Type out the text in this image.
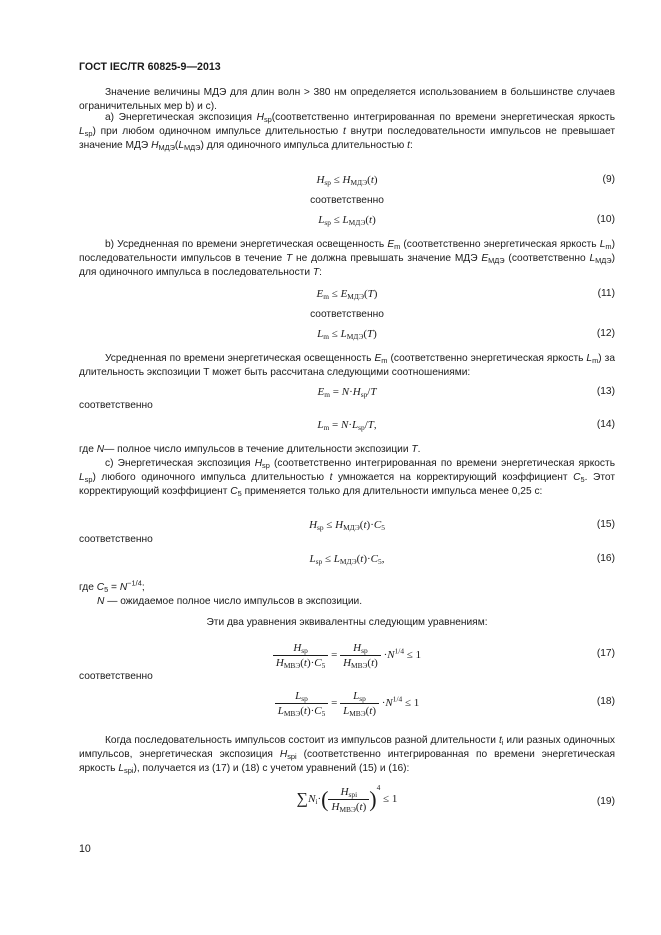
ГОСТ IEC/TR 60825-9—2013
Значение величины МДЭ для длин волн > 380 нм определяется использованием в большинстве случаев ограничительных мер b) и c).
а) Энергетическая экспозиция $H_{sp}(соответственно$ интегрированная по времени энергетическая яркость $L_{sp}$) при любом одиночном импульсе длительностью t внутри последовательности импульсов не превышает значение МДЭ $H_{МДЭ}(L_{МДЭ})$ для одиночного импульса длительностью t:
$H_{sp} \le H_{МДЭ}(t)$	(9)
соответственно
$L_{sp} \le L_{МДЭ}(t)$	(10)
b) Усредненная по времени энергетическая освещенность $E_m$ (соответственно энергетическая яркость $L_m$) последовательности импульсов в течение T не должна превышать значение МДЭ $E_{МДЭ}$ (соответственно $L_{МДЭ}$) для одиночного импульса в последовательности T:
$E_m \le E_{МДЭ}(T)$	(11)
соответственно
$L_m \le L_{МДЭ}(T)$	(12)
Усредненная по времени энергетическая освещенность $E_m$ (соответственно энергетическая яркость $L_m$) за длительность экспозиции T может быть рассчитана следующими соотношениями:
$E_m = N\cdot H_{sp}/T$	(13)
соответственно
$L_m = N\cdot L_{sp}/T$,	(14)
где N— полное число импульсов в течение длительности экспозиции T.
с) Энергетическая экспозиция $H_{sp}$ (соответственно интегрированная по времени энергетическая яркость $L_{sp}$) любого одиночного импульса длительностью t умножается на корректирующий коэффициент $C_5$. Этот корректирующий коэффициент $C_5$ применяется только для длительности импульса менее 0,25 с:
$H_{sp} \le H_{МДЭ}(t)\cdot C_5$	(15)
соответственно
$L_{sp} \le L_{МДЭ}(t)\cdot C_5$,	(16)
где $C_5 = N^{-1/4}$;
N — ожидаемое полное число импульсов в экспозиции.
Эти два уравнения эквивалентны следующим уравнениям:
$\frac{H_{sp}}{H_{МВЭ}(t)\cdot C_5} = \frac{H_{sp}}{H_{МВЭ}(t)} \cdot N^{1/4} \le 1$	(17)
соответственно
$\frac{L_{sp}}{L_{МВЭ}(t)\cdot C_5} = \frac{L_{sp}}{L_{МВЭ}(t)} \cdot N^{1/4} \le 1$	(18)
Когда последовательность импульсов состоит из импульсов разной длительности $t_i$ или разных одиночных импульсов, энергетическая экспозиция $H_{spi}$ (соответственно интегрированная по времени энергетическая яркость $L_{spi}$), получается из (17) и (18) с учетом уравнений (15) и (16):
$\sum N_i\cdot( \frac{H_{spi}}{H_{МВЭ}(t)} )^4 \le 1$	(19)
10
